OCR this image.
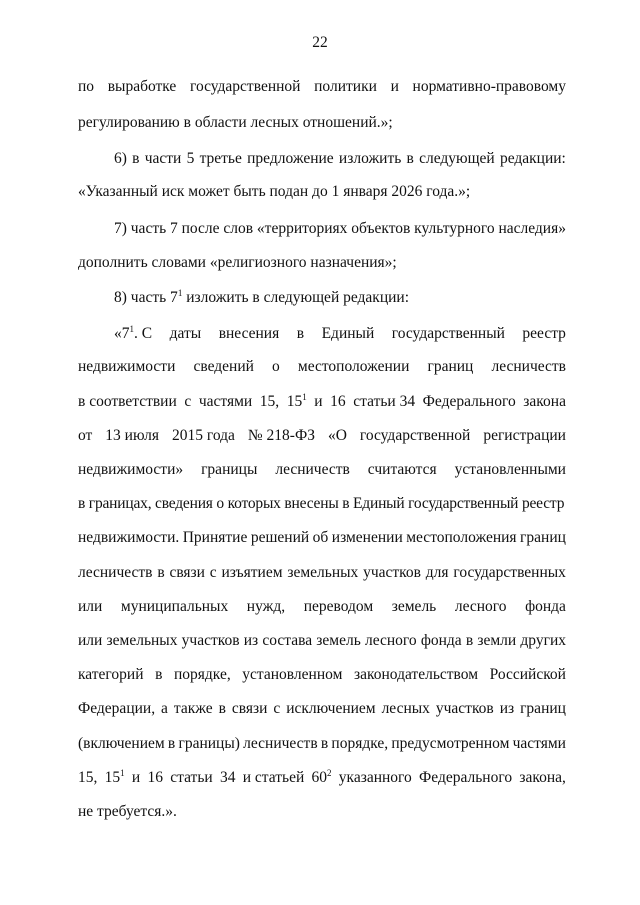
22
по выработке государственной политики и нормативно-правовому
регулированию в области лесных отношений.»;
6) в части 5 третье предложение изложить в следующей редакции:
«Указанный иск может быть подан до 1 января 2026 года.»;
7) часть 7 после слов «территориях объектов культурного наследия»
дополнить словами «религиозного назначения»;
8) часть $7^1$ изложить в следующей редакции:
«$7^1$. С даты внесения в Единый государственный реестр
недвижимости сведений о местоположении границ лесничеств
в соответствии с частями 15, $15^1$ и 16 статьи 34 Федерального закона
от 13 июля 2015 года № 218-ФЗ «О государственной регистрации
недвижимости» границы лесничеств считаются установленными
в границах, сведения о которых внесены в Единый государственный реестр
недвижимости. Принятие решений об изменении местоположения границ
лесничеств в связи с изъятием земельных участков для государственных
или муниципальных нужд, переводом земель лесного фонда
или земельных участков из состава земель лесного фонда в земли других
категорий в порядке, установленном законодательством Российской
Федерации, а также в связи с исключением лесных участков из границ
(включением в границы) лесничеств в порядке, предусмотренном частями
15, $15^1$ и 16 статьи 34 и статьей $60^2$ указанного Федерального закона,
не требуется.».
